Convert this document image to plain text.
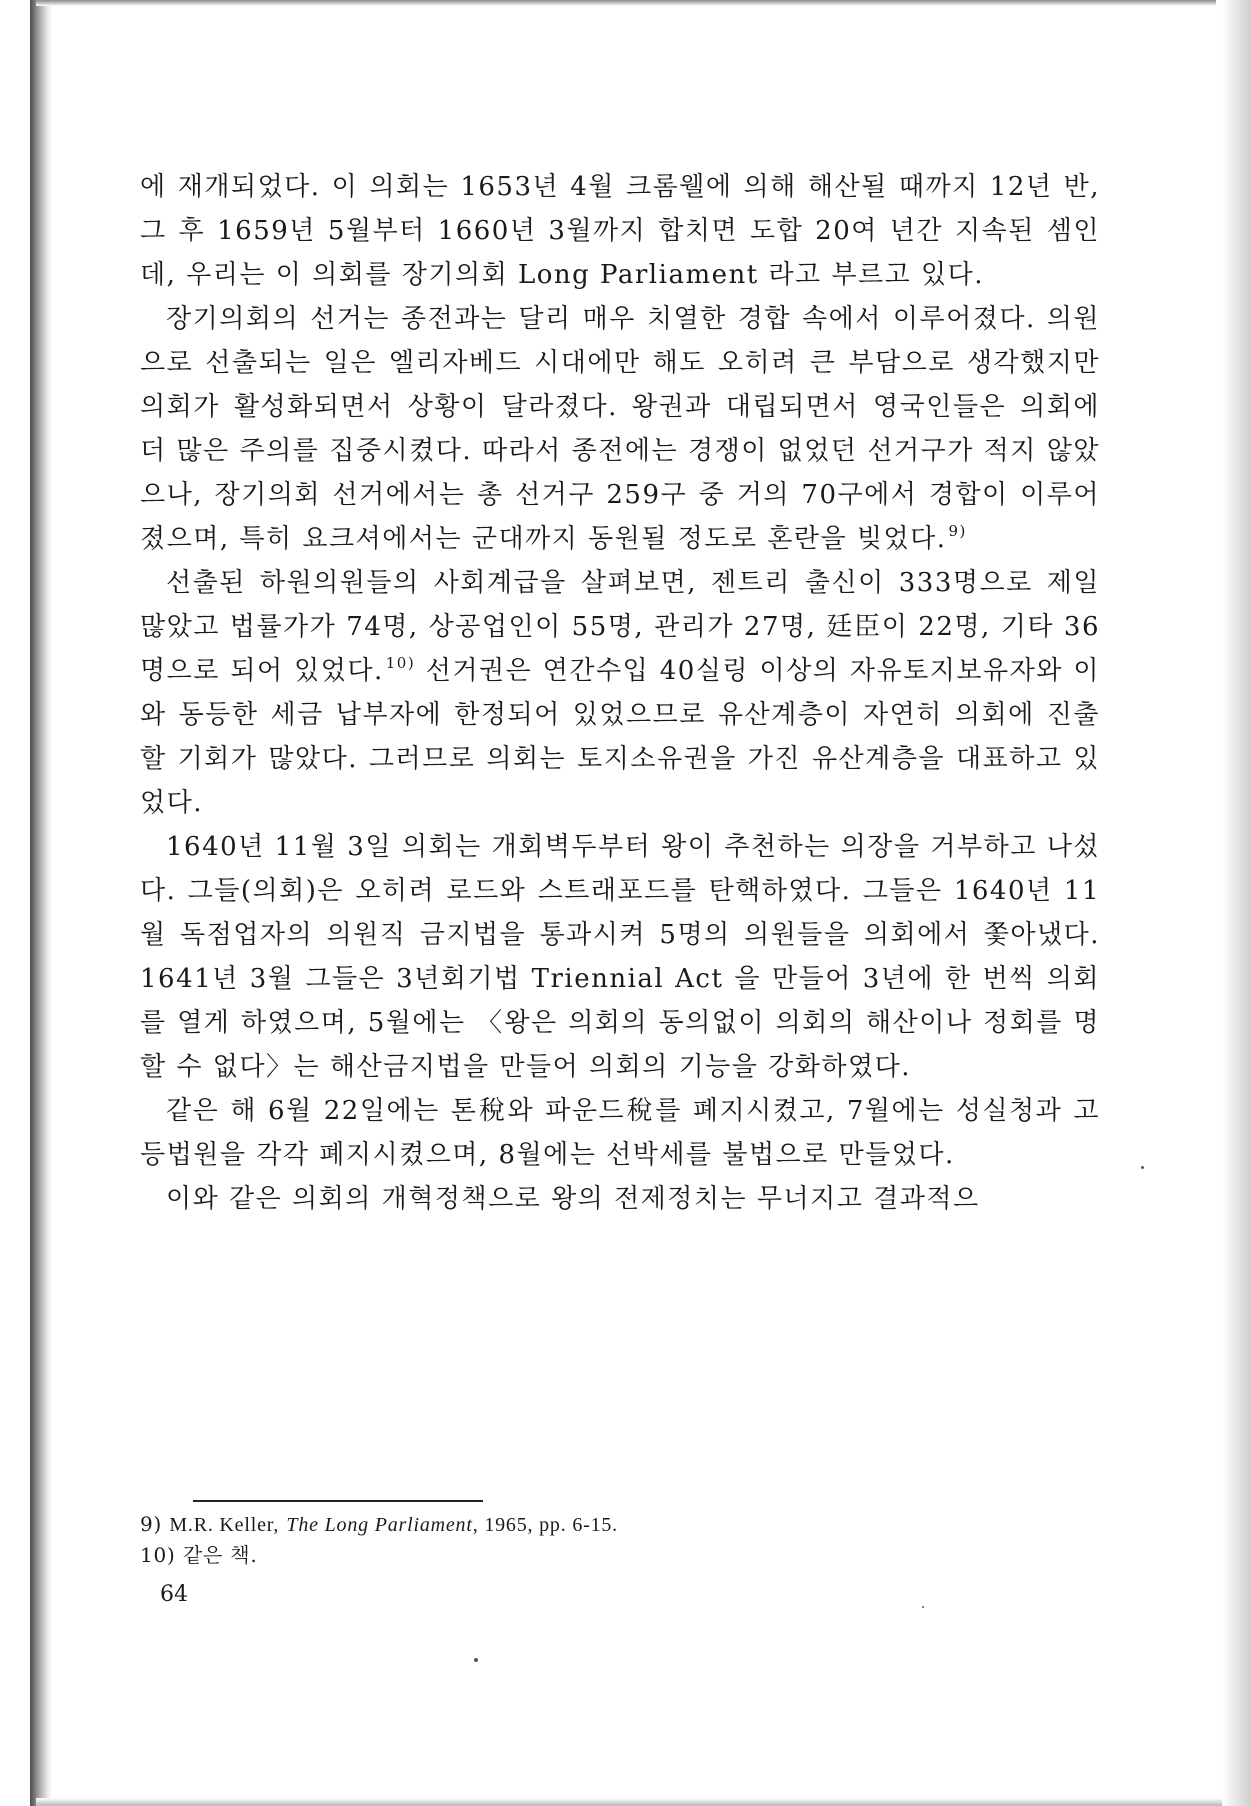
에 재개되었다. 이 의회는 1653년 4월 크롬웰에 의해 해산될 때까지 12년 반, 그 후 1659년 5월부터 1660년 3월까지 합치면 도합 20여 년간 지속된 셈인데, 우리는 이 의회를 장기의회 Long Parliament 라고 부르고 있다.

장기의회의 선거는 종전과는 달리 매우 치열한 경합 속에서 이루어졌다. 의원으로 선출되는 일은 엘리자베드 시대에만 해도 오히려 큰 부담으로 생각했지만 의회가 활성화되면서 상황이 달라졌다. 왕권과 대립되면서 영국인들은 의회에 더 많은 주의를 집중시켰다. 따라서 종전에는 경쟁이 없었던 선거구가 적지 않았으나, 장기의회 선거에서는 총 선거구 259구 중 거의 70구에서 경합이 이루어졌으며, 특히 요크셔에서는 군대까지 동원될 정도로 혼란을 빚었다. $^{9)}$

선출된 하원의원들의 사회계급을 살펴보면, 젠트리 출신이 333명으로 제일 많았고 법률가가 74명, 상공업인이 55명, 관리가 27명, 廷臣이 22명, 기타 36명으로 되어 있었다. $^{10)}$ 선거권은 연간수입 40실링 이상의 자유토지보유자와 이와 동등한 세금 납부자에 한정되어 있었으므로 유산계층이 자연히 의회에 진출할 기회가 많았다. 그러므로 의회는 토지소유권을 가진 유산계층을 대표하고 있었다.

1640년 11월 3일 의회는 개회벽두부터 왕이 추천하는 의장을 거부하고 나섰다. 그들(의회)은 오히려 로드와 스트래포드를 탄핵하였다. 그들은 1640년 11월 독점업자의 의원직 금지법을 통과시켜 5명의 의원들을 의회에서 쫓아냈다. 1641년 3월 그들은 3년회기법 Triennial Act 을 만들어 3년에 한 번씩 의회를 열게 하였으며, 5월에는 〈왕은 의회의 동의없이 의회의 해산이나 정회를 명할 수 없다〉는 해산금지법을 만들어 의회의 기능을 강화하였다.

같은 해 6월 22일에는 톤稅와 파운드稅를 폐지시켰고, 7월에는 성실청과 고등법원을 각각 폐지시켰으며, 8월에는 선박세를 불법으로 만들었다.

이와 같은 의회의 개혁정책으로 왕의 전제정치는 무너지고 결과적으

9) M.R. Keller, The Long Parliament, 1965, pp. 6-15.

10) 같은 책.

64
